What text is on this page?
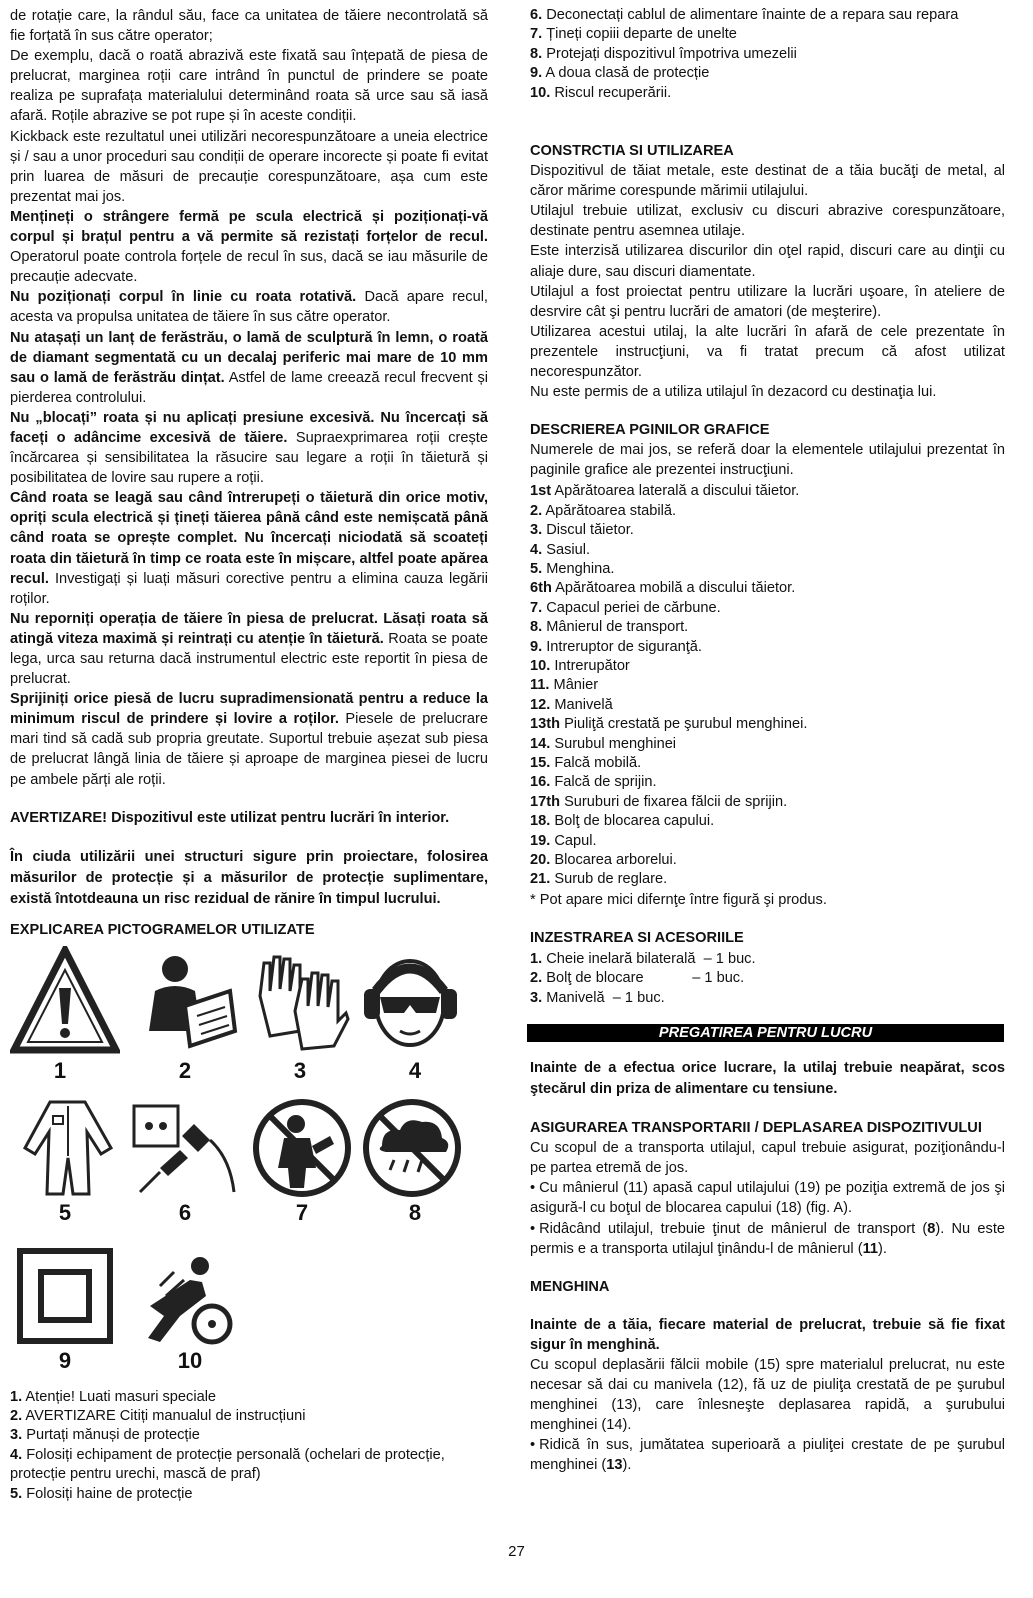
de rotație care, la rândul său, face ca unitatea de tăiere necontrolată să fie forțată în sus către operator;

De exemplu, dacă o roată abrazivă este fixată sau înțepată de piesa de prelucrat, marginea roții care intrând în punctul de prindere se poate realiza pe suprafața materialului determinând roata să urce sau să iasă afară. Roțile abrazive se pot rupe și în aceste condiții.

Kickback este rezultatul unei utilizări necorespunzătoare a uneia electrice și / sau a unor proceduri sau condiții de operare incorecte și poate fi evitat prin luarea de măsuri de precauție corespunzătoare, așa cum este prezentat mai jos.

Mențineți o strângere fermă pe scula electrică și poziționați-vă corpul și brațul pentru a vă permite să rezistați forțelor de recul. Operatorul poate controla forțele de recul în sus, dacă se iau măsurile de precauție adecvate.

Nu poziționați corpul în linie cu roata rotativă. Dacă apare recul, acesta va propulsa unitatea de tăiere în sus către operator.

Nu atașați un lanț de ferăstrău, o lamă de sculptură în lemn, o roată de diamant segmentată cu un decalaj periferic mai mare de 10 mm sau o lamă de ferăstrău dințat. Astfel de lame creează recul frecvent și pierderea controlului.

Nu „blocați” roata și nu aplicați presiune excesivă. Nu încercați să faceți o adâncime excesivă de tăiere. Supraexprimarea roții crește încărcarea și sensibilitatea la răsucire sau legare a roții în tăietură și posibilitatea de lovire sau rupere a roții.

Când roata se leagă sau când întrerupeți o tăietură din orice motiv, opriți scula electrică și țineți tăierea până când este nemișcată până când roata se oprește complet. Nu încercați niciodată să scoateți roata din tăietură în timp ce roata este în mișcare, altfel poate apărea recul. Investigați și luați măsuri corective pentru a elimina cauza legării roților.

Nu reporniți operația de tăiere în piesa de prelucrat. Lăsați roata să atingă viteza maximă și reintrați cu atenție în tăietură. Roata se poate lega, urca sau returna dacă instrumentul electric este reportit în piesa de prelucrat.

Sprijiniți orice piesă de lucru supradimensionată pentru a reduce la minimum riscul de prindere și lovire a roților. Piesele de prelucrare mari tind să cadă sub propria greutate. Suportul trebuie așezat sub piesa de prelucrat lângă linia de tăiere și aproape de marginea piesei de lucru pe ambele părți ale roții.

AVERTIZARE! Dispozitivul este utilizat pentru lucrări în interior.

În ciuda utilizării unei structuri sigure prin proiectare, folosirea măsurilor de protecție și a măsurilor de protecție suplimentare, există întotdeauna un risc rezidual de rănire în timpul lucrului.

EXPLICAREA PICTOGRAMELOR UTILIZATE

1	2	3	4
5	6	7	8
9	10
1. Atenție! Luati masuri speciale
2. AVERTIZARE Citiți manualul de instrucțiuni
3. Purtați mănuși de protecție
4. Folosiți echipament de protecție personală (ochelari de protecție, protecție pentru urechi, mască de praf)
5. Folosiți haine de protecție
6. Deconectați cablul de alimentare înainte de a repara sau repara
7. Țineți copiii departe de unelte
8. Protejați dispozitivul împotriva umezelii
9. A doua clasă de protecție
10. Riscul recuperării.

CONSTRCTIA SI UTILIZAREA

Dispozitivul de tăiat metale, este destinat de a tăia bucăţi de metal, al căror mărime corespunde mărimii utilajului.

Utilajul trebuie utilizat, exclusiv cu discuri abrazive corespunzătoare, destinate pentru asemnea utilaje.

Este interzisă utilizarea discurilor din oţel rapid, discuri care au dinţii cu aliaje dure, sau discuri diamentate.

Utilajul a fost proiectat pentru utilizare la lucrări uşoare, în ateliere de desrvire cât şi pentru lucrări de amatori (de meşterire).

Utilizarea acestui utilaj, la alte lucrări în afară de cele prezentate în prezentele instrucţiuni, va fi tratat precum că afost utilizat necorespunzător.

Nu este permis de a utiliza utilajul în dezacord cu destinaţia lui.

DESCRIEREA PGINILOR GRAFICE

Numerele de mai jos, se referă doar la elementele utilajului prezentat în paginile grafice ale prezentei instrucţiuni.

1st Apărătoarea laterală a discului tăietor.
2. Apărătoarea stabilă.
3. Discul tăietor.
4. Sasiul.
5. Menghina.
6th Apărătoarea mobilă a discului tăietor.
7. Capacul periei de cărbune.
8. Mânierul de transport.
9. Intreruptor de siguranţă.
10. Intrerupător
11. Mânier
12. Manivelă
13th Piuliţă crestată pe şurubul menghinei.
14. Surubul menghinei
15. Falcă mobilă.
16. Falcă de sprijin.
17th Suruburi de fixarea fălcii de sprijin.
18. Bolţ de blocarea capului.
19. Capul.
20. Blocarea arborelui.
21. Surub de reglare.

* Pot apare mici difernţe între figură şi produs.

INZESTRAREA SI ACESORIILE

1. Cheie inelară bilaterală  – 1 buc.
2. Bolţ de blocare            – 1 buc.
3. Manivelă  – 1 buc.
PREGATIREA PENTRU LUCRU

Inainte de a efectua orice lucrare, la utilaj trebuie neapărat, scos ştecărul din priza de alimentare cu tensiune.

ASIGURAREA TRANSPORTARII / DEPLASAREA DISPOZITIVULUI

Cu scopul de a transporta utilajul, capul trebuie asigurat, poziţionându-l pe partea etremă de jos.

• Cu mânierul (11) apasă capul utilajului (19) pe poziţia extremă de jos şi asigură-l cu boţul de blocarea capului (18) (fig. A).

• Ridâcând utilajul, trebuie ţinut de mânierul de transport (8). Nu este permis e a transporta utilajul ţinându-l de mânierul (11).

MENGHINA

Inainte de a tăia, fiecare material de prelucrat, trebuie să fie fixat sigur în menghină.

Cu scopul deplasării fălcii mobile (15) spre materialul prelucrat, nu este necesar să dai cu manivela (12), fă uz de piuliţa crestată de pe şurubul menghinei (13), care înlesneşte deplasarea rapidă, a şurubului menghinei (14).

• Ridică în sus, jumătatea superioară a piuliţei crestate de pe şurubul menghinei (13).

27
